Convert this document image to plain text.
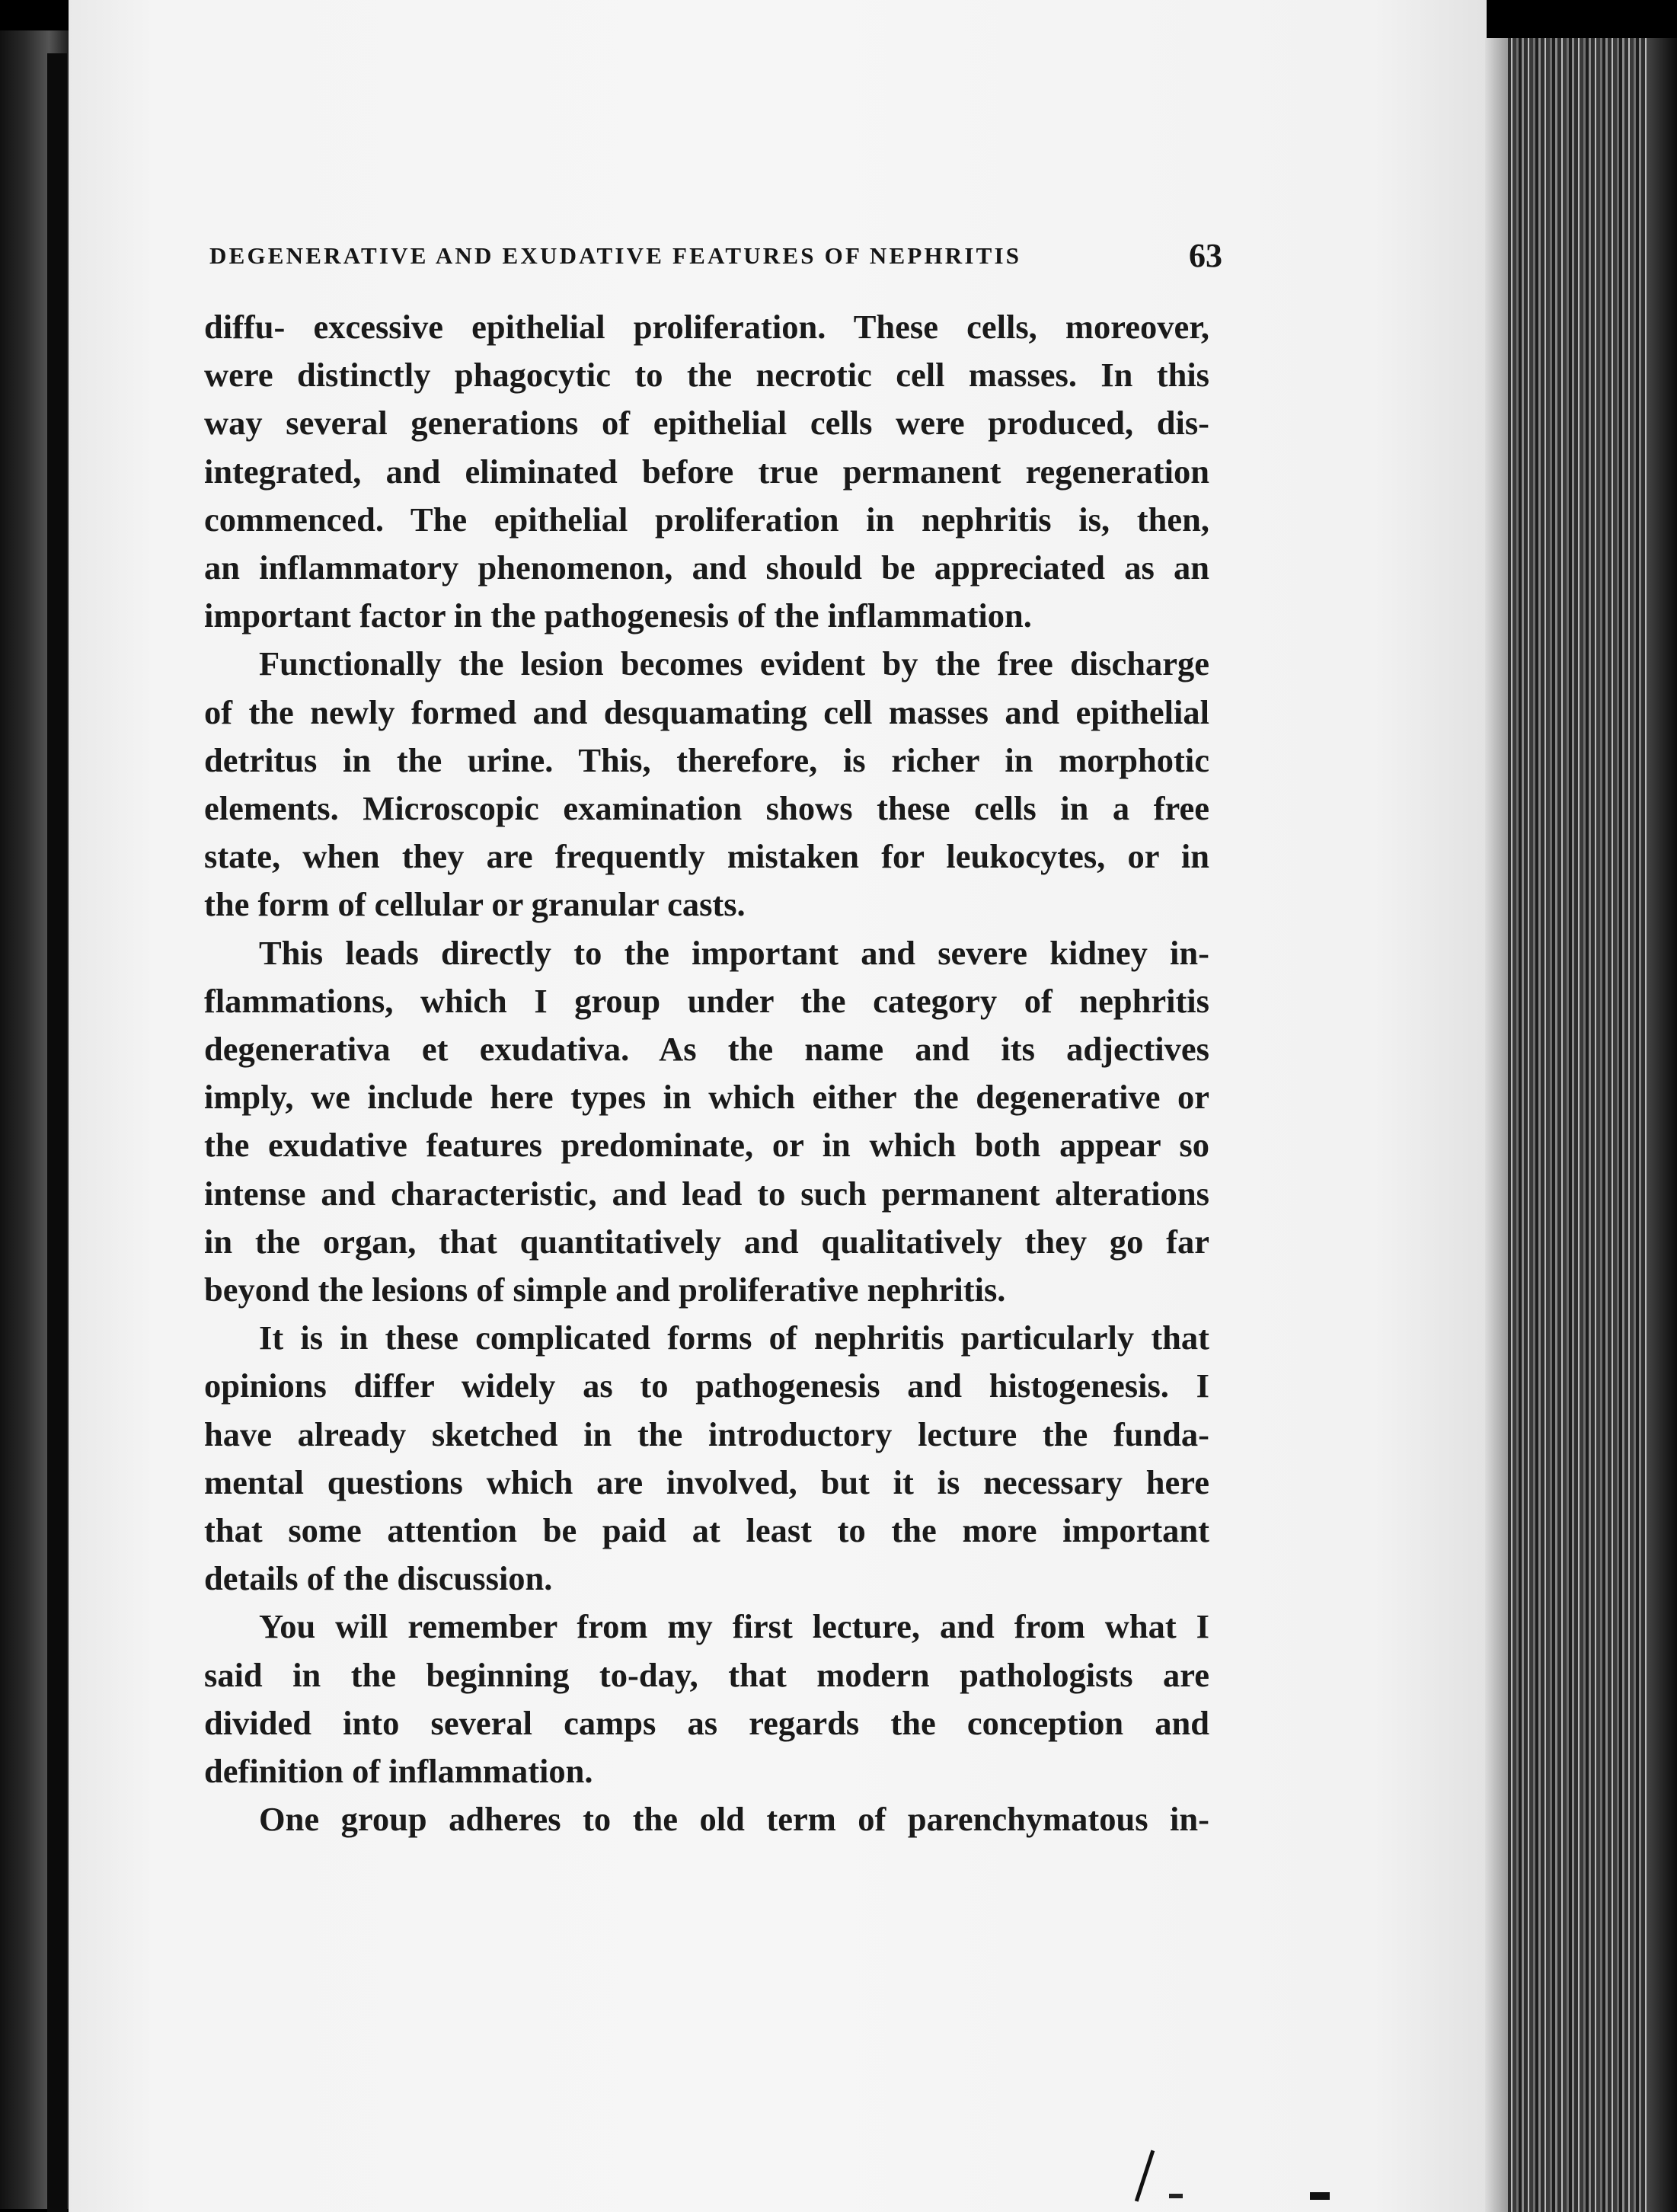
DEGENERATIVE AND EXUDATIVE FEATURES OF NEPHRITIS	63
diffu- excessive epithelial proliferation. These cells, moreover,
were distinctly phagocytic to the necrotic cell masses. In this
way several generations of epithelial cells were produced, dis-
integrated, and eliminated before true permanent regeneration
commenced. The epithelial proliferation in nephritis is, then,
an inflammatory phenomenon, and should be appreciated as an
important factor in the pathogenesis of the inflammation.
Functionally the lesion becomes evident by the free discharge
of the newly formed and desquamating cell masses and epithelial
detritus in the urine. This, therefore, is richer in morphotic
elements. Microscopic examination shows these cells in a free
state, when they are frequently mistaken for leukocytes, or in
the form of cellular or granular casts.
This leads directly to the important and severe kidney in-
flammations, which I group under the category of nephritis
degenerativa et exudativa. As the name and its adjectives
imply, we include here types in which either the degenerative or
the exudative features predominate, or in which both appear so
intense and characteristic, and lead to such permanent alterations
in the organ, that quantitatively and qualitatively they go far
beyond the lesions of simple and proliferative nephritis.
It is in these complicated forms of nephritis particularly that
opinions differ widely as to pathogenesis and histogenesis. I
have already sketched in the introductory lecture the funda-
mental questions which are involved, but it is necessary here
that some attention be paid at least to the more important
details of the discussion.
You will remember from my first lecture, and from what I
said in the beginning to-day, that modern pathologists are
divided into several camps as regards the conception and
definition of inflammation.
One group adheres to the old term of parenchymatous in-
